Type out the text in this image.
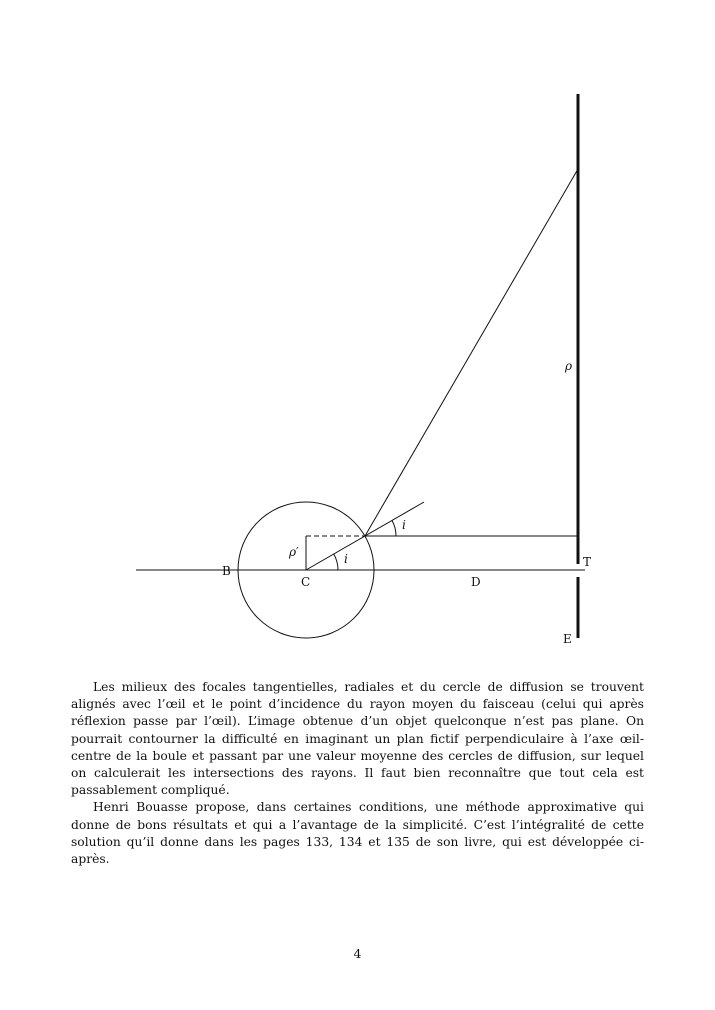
B
C	D
T
E
ρ
ρ′	i
i

Les milieux des focales tangentielles, radiales et du cercle de diffusion se trouvent alignés avec l’œil et le point d’incidence du rayon moyen du faisceau (celui qui après réflexion passe par l’œil). L’image obtenue d’un objet quelconque n’est pas plane. On pourrait contourner la difficulté en imaginant un plan fictif perpendiculaire à l’axe œil-centre de la boule et passant par une valeur moyenne des cercles de diffusion, sur lequel on calculerait les intersections des rayons. Il faut bien reconnaître que tout cela est passablement compliqué.

Henri Bouasse propose, dans certaines conditions, une méthode approximative qui donne de bons résultats et qui a l’avantage de la simplicité. C’est l’intégralité de cette solution qu’il donne dans les pages 133, 134 et 135 de son livre, qui est développée ci-après.

4
